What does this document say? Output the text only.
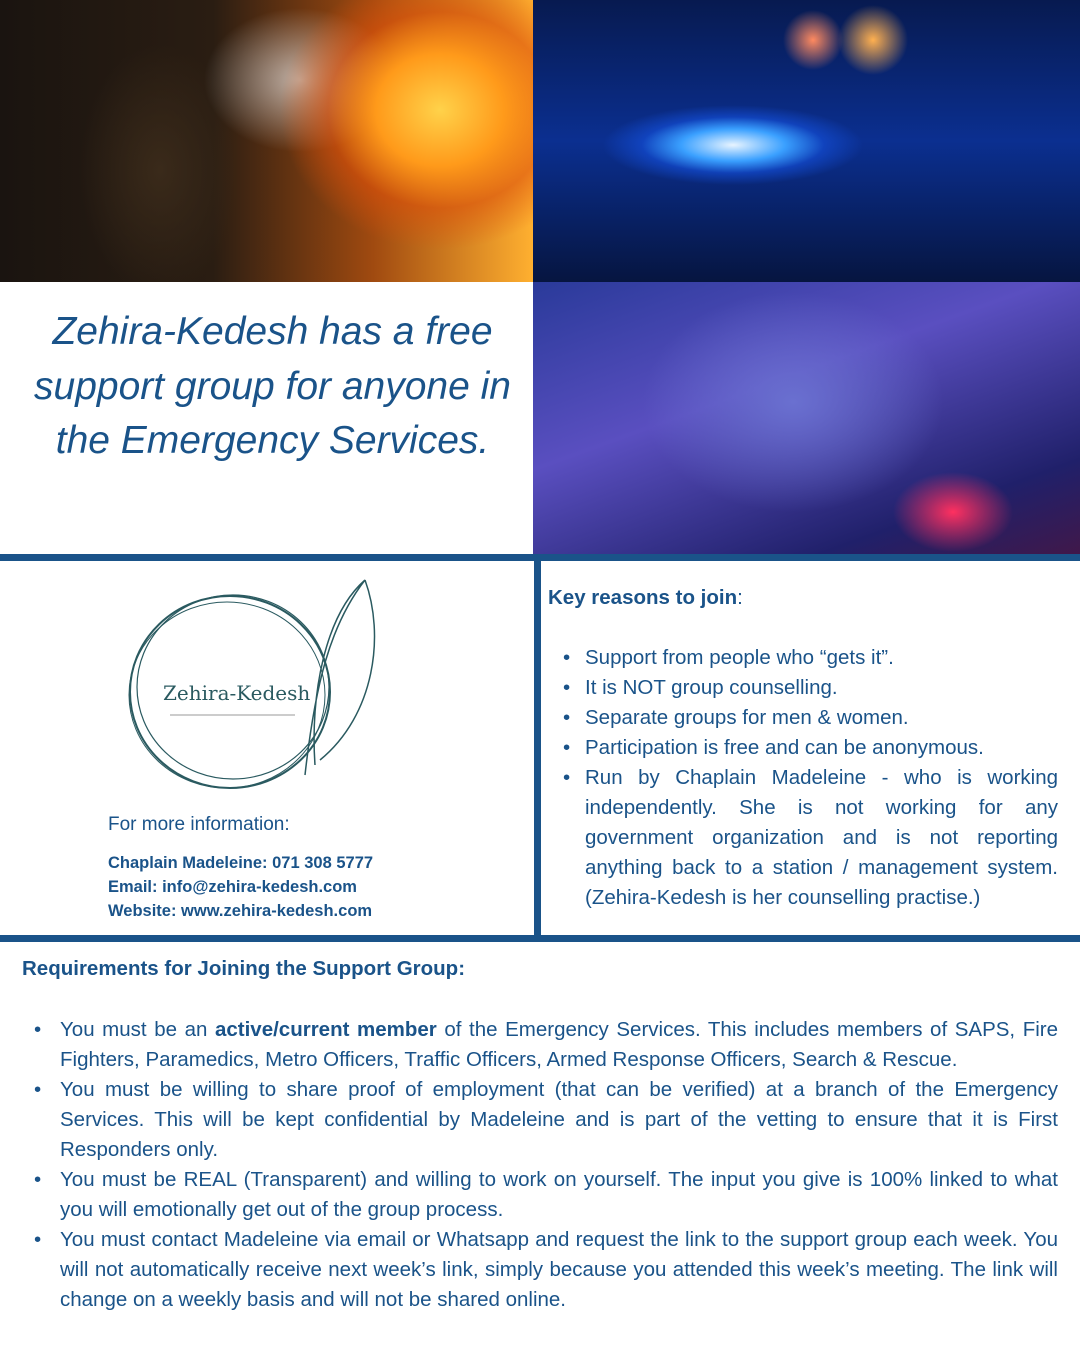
Zehira-Kedesh has a free support group for anyone in the Emergency Services.
Zehira-Kedesh
For more information:
Chaplain Madeleine: 071 308 5777
Email: info@zehira-kedesh.com
Website: www.zehira-kedesh.com
Key reasons to join:
• Support from people who “gets it”.
• It is NOT group counselling.
• Separate groups for men & women.
• Participation is free and can be anonymous.
• Run by Chaplain Madeleine - who is working independently. She is not working for any government organization and is not reporting anything back to a station / management system. (Zehira-Kedesh is her counselling practise.)
Requirements for Joining the Support Group:
• You must be an active/current member of the Emergency Services. This includes members of SAPS, Fire Fighters, Paramedics, Metro Officers, Traffic Officers, Armed Response Officers, Search & Rescue.
• You must be willing to share proof of employment (that can be verified) at a branch of the Emergency Services. This will be kept confidential by Madeleine and is part of the vetting to ensure that it is First Responders only.
• You must be REAL (Transparent) and willing to work on yourself. The input you give is 100% linked to what you will emotionally get out of the group process.
• You must contact Madeleine via email or Whatsapp and request the link to the support group each week. You will not automatically receive next week’s link, simply because you attended this week’s meeting. The link will change on a weekly basis and will not be shared online.
